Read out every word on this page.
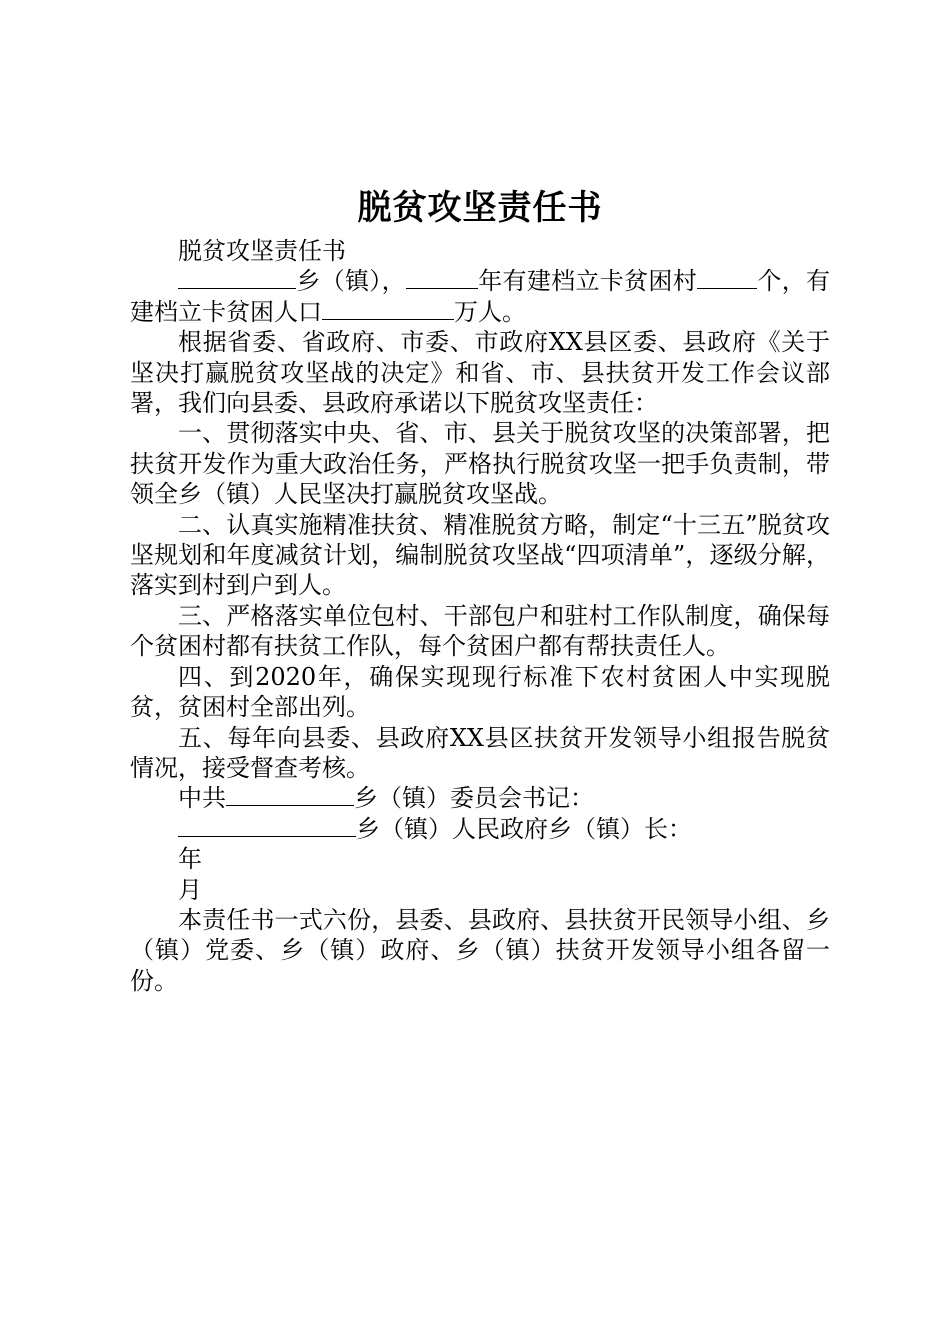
脱贫攻坚责任书

脱贫攻坚责任书

乡（镇），	年有建档立卡贫困村	个，有建档立卡贫困人口	万人。

根据省委、省政府、市委、市政府XX县区委、县政府《关于坚决打赢脱贫攻坚战的决定》和省、市、县扶贫开发工作会议部署，我们向县委、县政府承诺以下脱贫攻坚责任：

一、贯彻落实中央、省、市、县关于脱贫攻坚的决策部署，把扶贫开发作为重大政治任务，严格执行脱贫攻坚一把手负责制，带领全乡（镇）人民坚决打赢脱贫攻坚战。

二、认真实施精准扶贫、精准脱贫方略，制定“十三五”脱贫攻坚规划和年度减贫计划，编制脱贫攻坚战“四项清单”，逐级分解，落实到村到户到人。

三、严格落实单位包村、干部包户和驻村工作队制度，确保每个贫困村都有扶贫工作队，每个贫困户都有帮扶责任人。

四、到2020年，确保实现现行标准下农村贫困人中实现脱贫，贫困村全部出列。

五、每年向县委、县政府XX县区扶贫开发领导小组报告脱贫情况，接受督查考核。

中共	乡（镇）委员会书记：

乡（镇）人民政府乡（镇）长：

年

月

本责任书一式六份，县委、县政府、县扶贫开民领导小组、乡（镇）党委、乡（镇）政府、乡（镇）扶贫开发领导小组各留一份。
